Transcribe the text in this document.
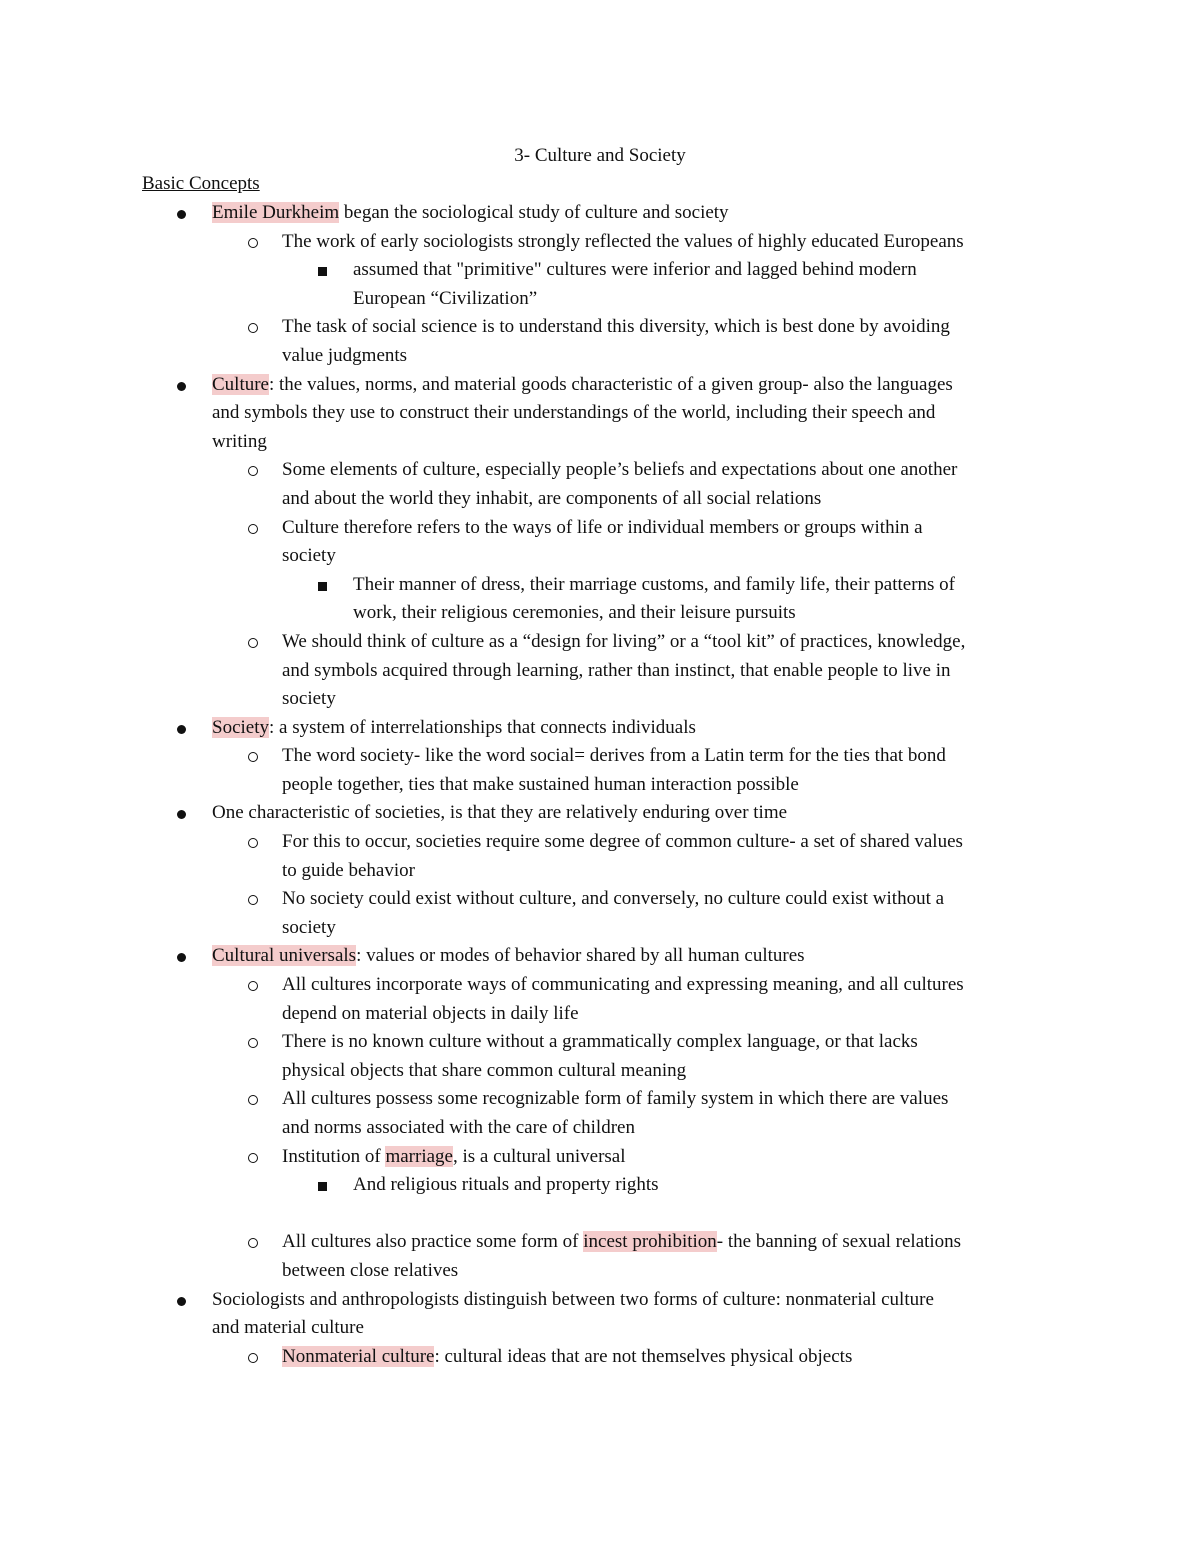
3- Culture and Society
Basic Concepts
Emile Durkheim began the sociological study of culture and society
The work of early sociologists strongly reflected the values of highly educated Europeans
assumed that "primitive" cultures were inferior and lagged behind modern
European “Civilization”
The task of social science is to understand this diversity, which is best done by avoiding
value judgments
Culture: the values, norms, and material goods characteristic of a given group- also the languages
and symbols they use to construct their understandings of the world, including their speech and
writing
Some elements of culture, especially people’s beliefs and expectations about one another
and about the world they inhabit, are components of all social relations
Culture therefore refers to the ways of life or individual members or groups within a
society
Their manner of dress, their marriage customs, and family life, their patterns of
work, their religious ceremonies, and their leisure pursuits
We should think of culture as a “design for living” or a “tool kit” of practices, knowledge,
and symbols acquired through learning, rather than instinct, that enable people to live in
society
Society: a system of interrelationships that connects individuals
The word society- like the word social= derives from a Latin term for the ties that bond
people together, ties that make sustained human interaction possible
One characteristic of societies, is that they are relatively enduring over time
For this to occur, societies require some degree of common culture- a set of shared values
to guide behavior
No society could exist without culture, and conversely, no culture could exist without a
society
Cultural universals: values or modes of behavior shared by all human cultures
All cultures incorporate ways of communicating and expressing meaning, and all cultures
depend on material objects in daily life
There is no known culture without a grammatically complex language, or that lacks
physical objects that share common cultural meaning
All cultures possess some recognizable form of family system in which there are values
and norms associated with the care of children
Institution of marriage, is a cultural universal
And religious rituals and property rights
All cultures also practice some form of incest prohibition- the banning of sexual relations
between close relatives
Sociologists and anthropologists distinguish between two forms of culture: nonmaterial culture
and material culture
Nonmaterial culture: cultural ideas that are not themselves physical objects
